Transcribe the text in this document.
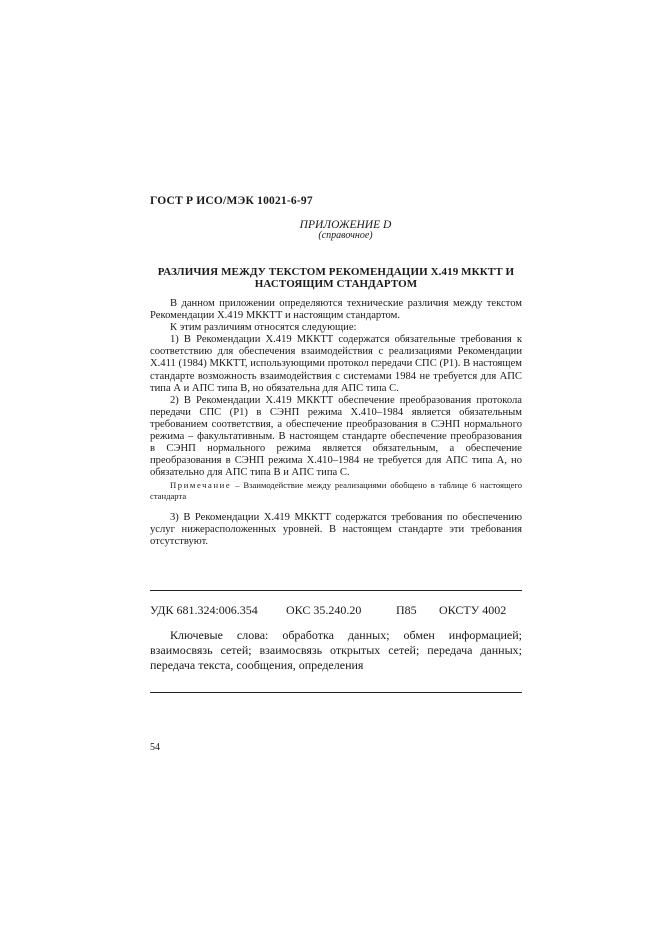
ГОСТ Р ИСО/МЭК 10021-6-97
ПРИЛОЖЕНИЕ D
(справочное)
РАЗЛИЧИЯ МЕЖДУ ТЕКСТОМ РЕКОМЕНДАЦИИ X.419 МККТТ И НАСТОЯЩИМ СТАНДАРТОМ

В данном приложении определяются технические различия между текстом Рекомендации X.419 МККТТ и настоящим стандартом.

К этим различиям относятся следующие:

1) В Рекомендации X.419 МККТТ содержатся обязательные требования к соответствию для обеспечения взаимодействия с реализациями Рекомендации X.411 (1984) МККТТ, использующими протокол передачи СПС (P1). В настоящем стандарте возможность взаимодействия с системами 1984 не требуется для АПС типа А и АПС типа В, но обязательна для АПС типа С.

2) В Рекомендации X.419 МККТТ обеспечение преобразования протокола передачи СПС (P1) в СЭНП режима X.410–1984 является обязательным требованием соответствия, а обеспечение преобразования в СЭНП нормального режима – факультативным. В настоящем стандарте обеспечение преобразования в СЭНП нормального режима является обязательным, а обеспечение преобразования в СЭНП режима X.410–1984 не требуется для АПС типа А, но обязательно для АПС типа В и АПС типа С.

Примечание – Взаимодействие между реализациями обобщено в таблице 6 настоящего стандарта

3) В Рекомендации X.419 МККТТ содержатся требования по обеспечению услуг нижерасположенных уровней. В настоящем стандарте эти требования отсутствуют.

УДК 681.324:006.354 ОКС 35.240.20	П85 ОКСТУ 4002
Ключевые слова: обработка данных; обмен информацией; взаимосвязь сетей; взаимосвязь открытых сетей; передача данных; передача текста, сообщения, определения
54
